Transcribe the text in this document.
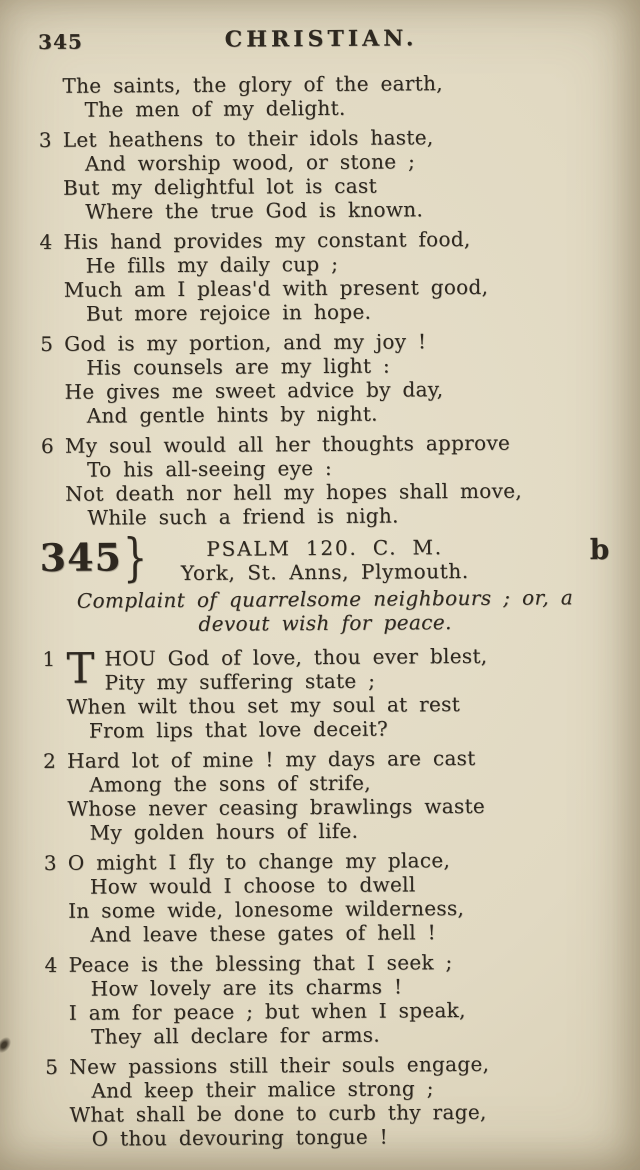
345	CHRISTIAN.
The saints, the glory of the earth,
The men of my delight.
3 Let heathens to their idols haste,
And worship wood, or stone ;
But my delightful lot is cast
Where the true God is known.
4 His hand provides my constant food,
He fills my daily cup ;
Much am I pleas'd with present good,
But more rejoice in hope.
5 God is my portion, and my joy !
His counsels are my light :
He gives me sweet advice by day,
And gentle hints by night.
6 My soul would all her thoughts approve
To his all-seeing eye :
Not death nor hell my hopes shall move,
While such a friend is nigh.
345 }	PSALM 120. C. M.
York, St. Anns, Plymouth.
b
Complaint of quarrelsome neighbours ; or, a
devout wish for peace.
1 T HOU God of love, thou ever blest,
Pity my suffering state ;
When wilt thou set my soul at rest
From lips that love deceit?
2 Hard lot of mine ! my days are cast
Among the sons of strife,
Whose never ceasing brawlings waste
My golden hours of life.
3 O might I fly to change my place,
How would I choose to dwell
In some wide, lonesome wilderness,
And leave these gates of hell !
4 Peace is the blessing that I seek ;
How lovely are its charms !
I am for peace ; but when I speak,
They all declare for arms.
5 New passions still their souls engage,
And keep their malice strong ;
What shall be done to curb thy rage,
O thou devouring tongue !
